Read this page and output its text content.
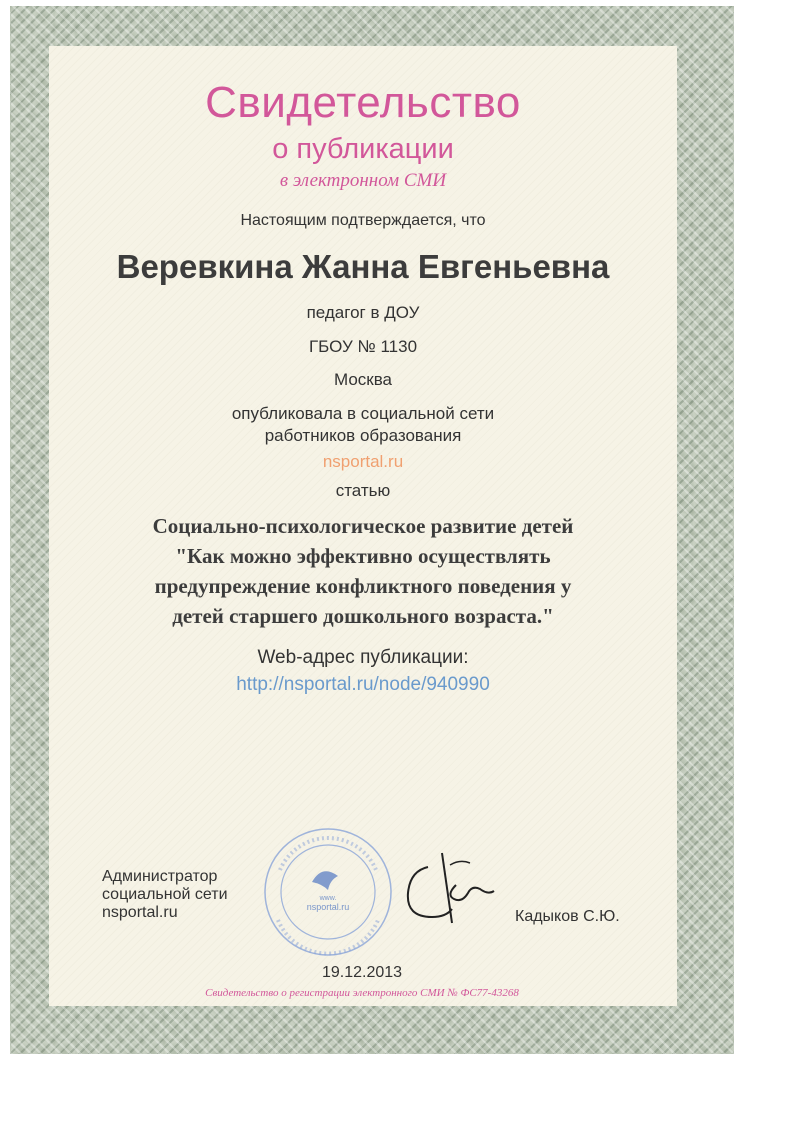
Свидетельство
о публикации
в электронном СМИ
Настоящим подтверждается, что
Веревкина Жанна Евгеньевна
педагог в ДОУ
ГБОУ № 1130
Москва
опубликовала в социальной сети
работников образования
nsportal.ru
статью
Социально-психологическое развитие детей
"Как можно эффективно осуществлять
предупреждение конфликтного поведения у
детей старшего дошкольного возраста."
Web-адрес публикации:
http://nsportal.ru/node/940990
Администратор
социальной сети
nsportal.ru
www.
nsportal.ru
Кадыков С.Ю.
19.12.2013
Свидетельство о регистрации электронного СМИ № ФС77-43268
